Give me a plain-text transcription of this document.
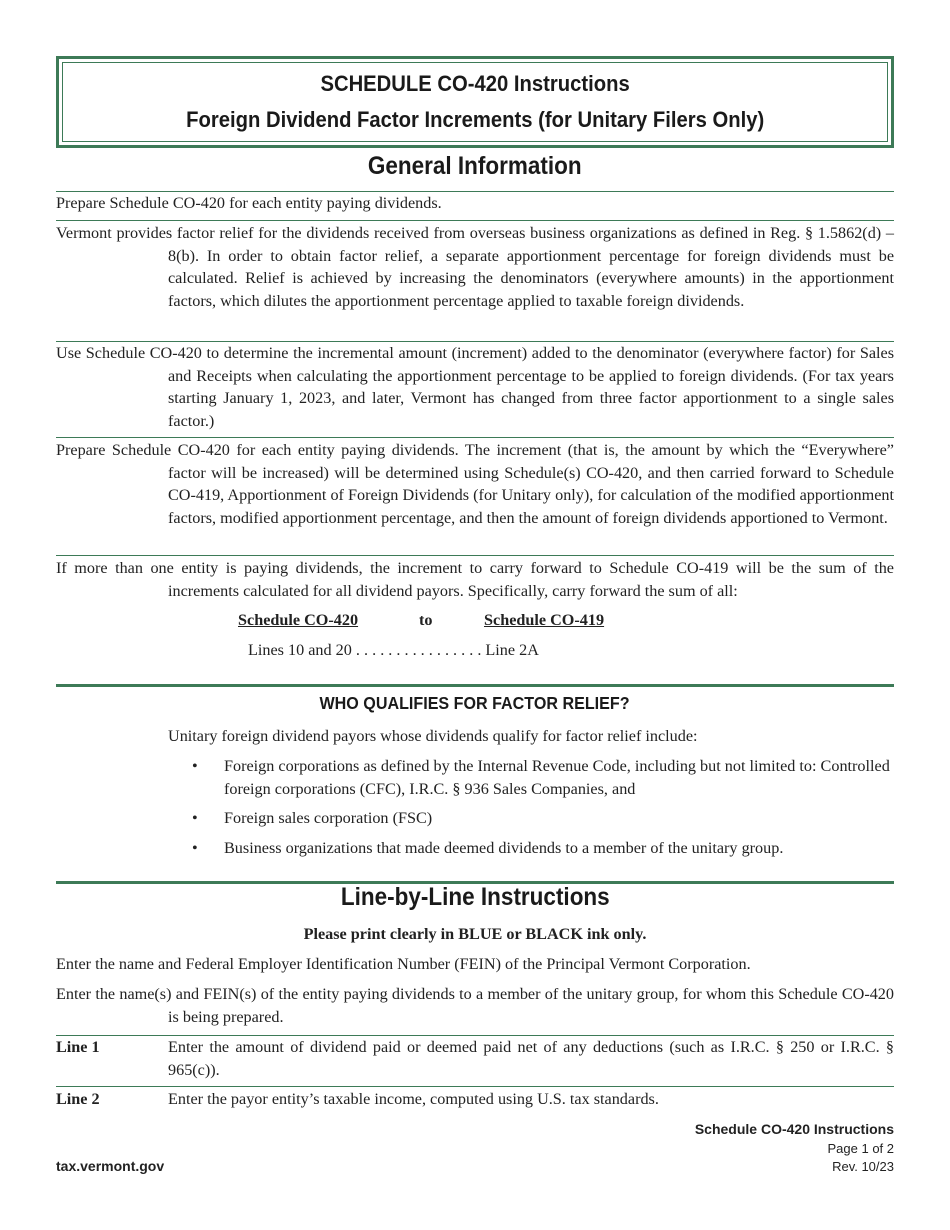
SCHEDULE CO-420 Instructions
Foreign Dividend Factor Increments (for Unitary Filers Only)
General Information
Prepare Schedule CO-420 for each entity paying dividends.
Vermont provides factor relief for the dividends received from overseas business organizations as defined in Reg. § 1.5862(d) – 8(b). In order to obtain factor relief, a separate apportionment percentage for foreign dividends must be calculated. Relief is achieved by increasing the denominators (everywhere amounts) in the apportionment factors, which dilutes the apportionment percentage applied to taxable foreign dividends.
Use Schedule CO-420 to determine the incremental amount (increment) added to the denominator (everywhere factor) for Sales and Receipts when calculating the apportionment percentage to be applied to foreign dividends. (For tax years starting January 1, 2023, and later, Vermont has changed from three factor apportionment to a single sales factor.)
Prepare Schedule CO-420 for each entity paying dividends. The increment (that is, the amount by which the “Everywhere” factor will be increased) will be determined using Schedule(s) CO-420, and then carried forward to Schedule CO-419, Apportionment of Foreign Dividends (for Unitary only), for calculation of the modified apportionment factors, modified apportionment percentage, and then the amount of foreign dividends apportioned to Vermont.
If more than one entity is paying dividends, the increment to carry forward to Schedule CO-419 will be the sum of the increments calculated for all dividend payors. Specifically, carry forward the sum of all:
Schedule CO-420	to	Schedule CO-419
Lines 10 and 20 . . . . . . . . . . . . . . . . Line 2A
WHO QUALIFIES FOR FACTOR RELIEF?
Unitary foreign dividend payors whose dividends qualify for factor relief include:
•	Foreign corporations as defined by the Internal Revenue Code, including but not limited to: Controlled foreign corporations (CFC), I.R.C. § 936 Sales Companies, and
•	Foreign sales corporation (FSC)
•	Business organizations that made deemed dividends to a member of the unitary group.
Line-by-Line Instructions
Please print clearly in BLUE or BLACK ink only.
Enter the name and Federal Employer Identification Number (FEIN) of the Principal Vermont Corporation.
Enter the name(s) and FEIN(s) of the entity paying dividends to a member of the unitary group, for whom this Schedule CO-420 is being prepared.
Line 1	Enter the amount of dividend paid or deemed paid net of any deductions (such as I.R.C. § 250 or I.R.C. § 965(c)).
Line 2	Enter the payor entity’s taxable income, computed using U.S. tax standards.
Schedule CO-420 Instructions
Page 1 of 2
Rev. 10/23
tax.vermont.gov
